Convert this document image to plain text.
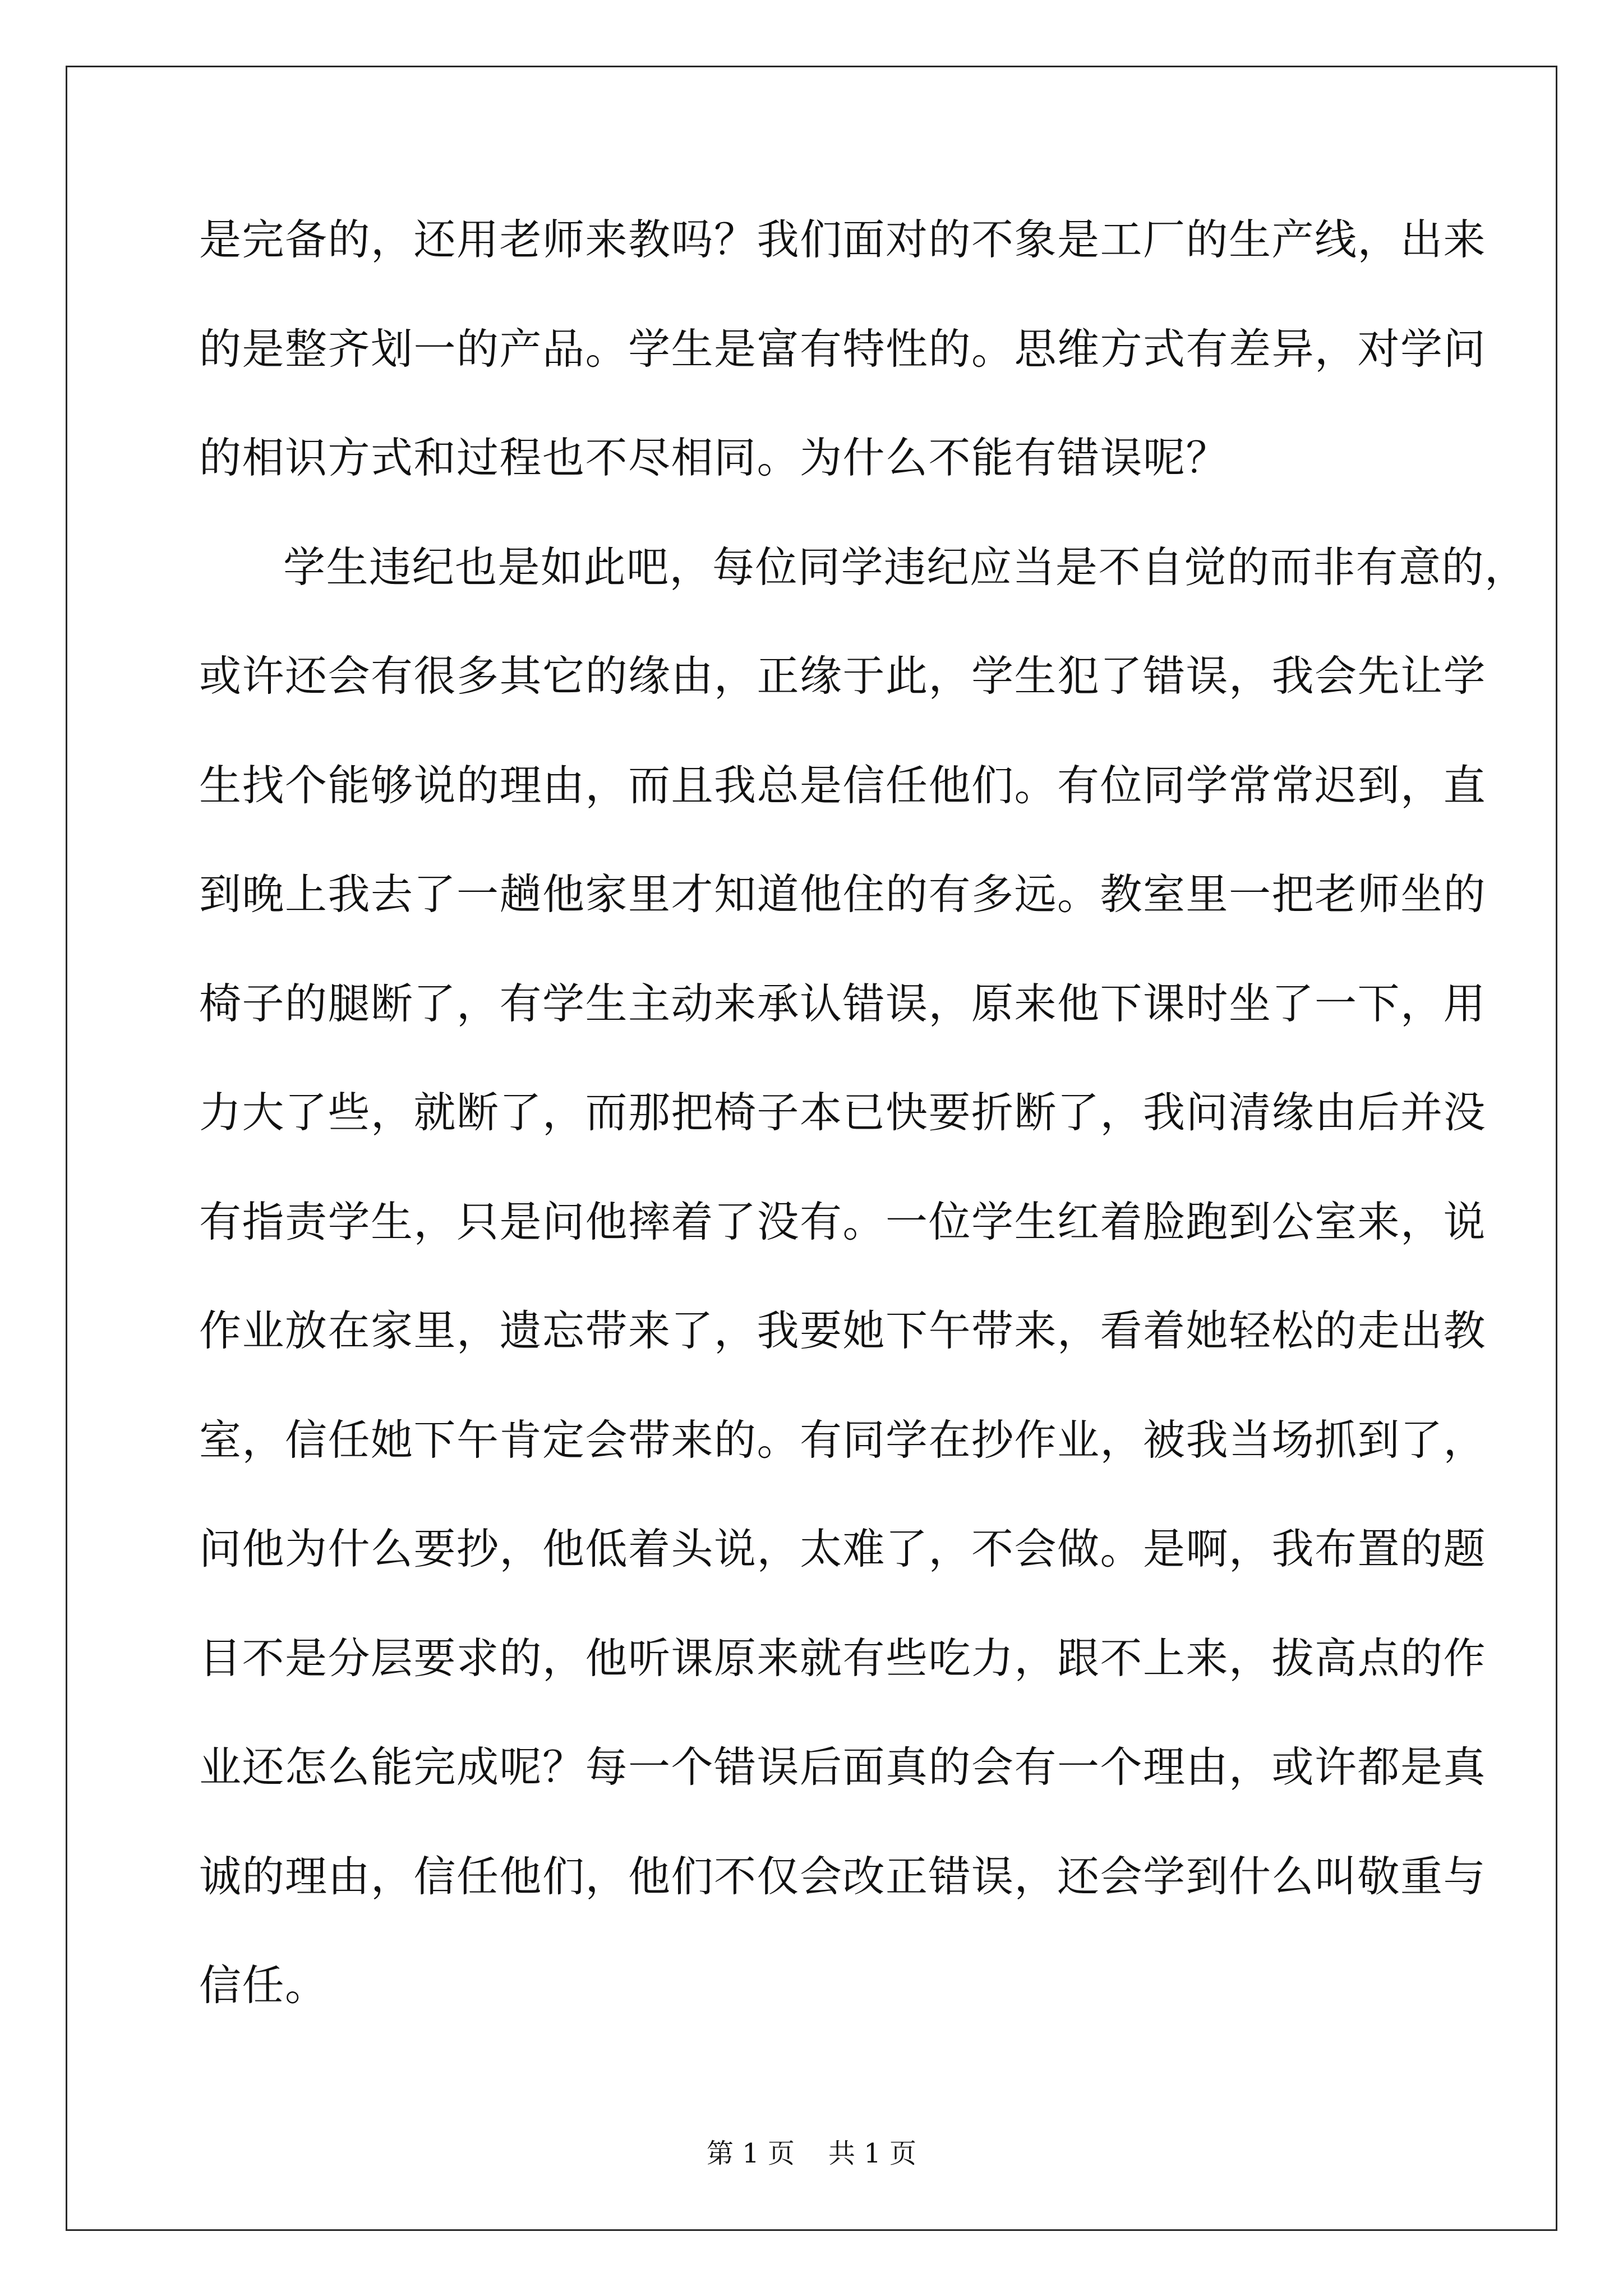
是完备的，还用老师来教吗？我们面对的不象是工厂的生产线，出来
的是整齐划一的产品。学生是富有特性的。思维方式有差异，对学问
的相识方式和过程也不尽相同。为什么不能有错误呢？
学生违纪也是如此吧，每位同学违纪应当是不自觉的而非有意的，
或许还会有很多其它的缘由，正缘于此，学生犯了错误，我会先让学
生找个能够说的理由，而且我总是信任他们。有位同学常常迟到，直
到晚上我去了一趟他家里才知道他住的有多远。教室里一把老师坐的
椅子的腿断了，有学生主动来承认错误，原来他下课时坐了一下，用
力大了些，就断了，而那把椅子本已快要折断了，我问清缘由后并没
有指责学生，只是问他摔着了没有。一位学生红着脸跑到公室来，说
作业放在家里，遗忘带来了，我要她下午带来，看着她轻松的走出教
室，信任她下午肯定会带来的。有同学在抄作业，被我当场抓到了，
问他为什么要抄，他低着头说，太难了，不会做。是啊，我布置的题
目不是分层要求的，他听课原来就有些吃力，跟不上来，拔高点的作
业还怎么能完成呢？每一个错误后面真的会有一个理由，或许都是真
诚的理由，信任他们，他们不仅会改正错误，还会学到什么叫敬重与
信任。
第 1 页 共 1 页
